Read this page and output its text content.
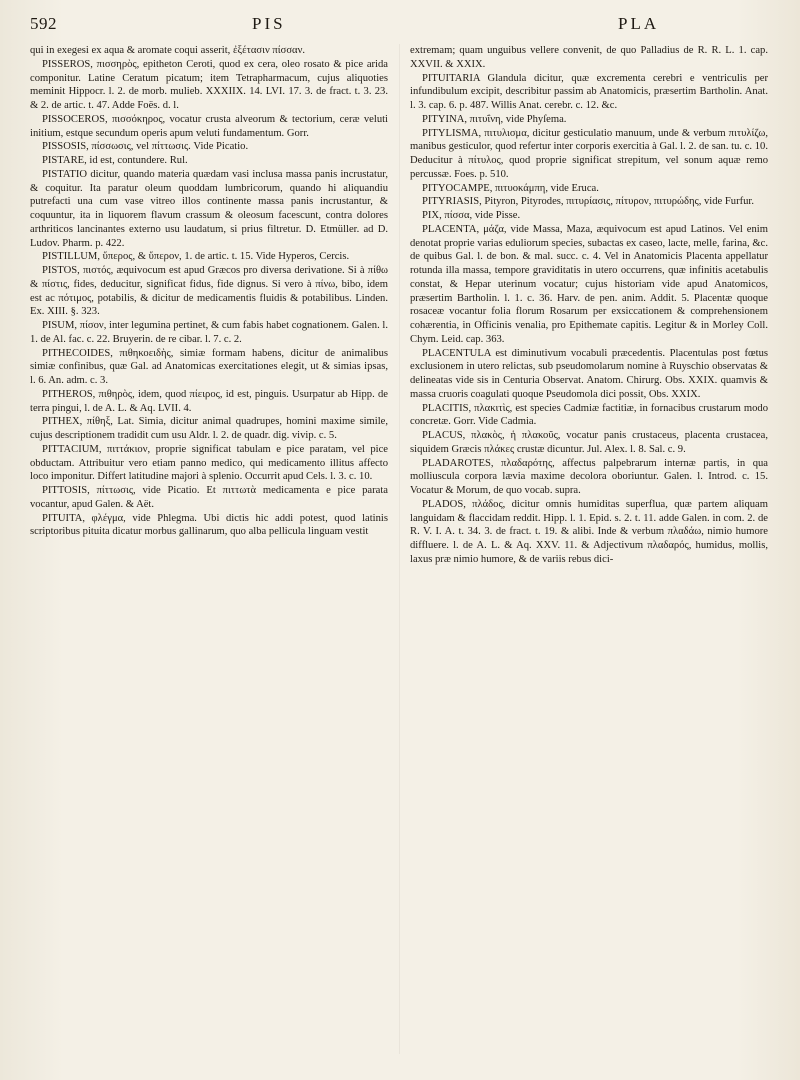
592	PIS	PLA

qui in exegesi ex aqua & aromate coqui asserit, ἐξέτασιν πίσσαν.

PISSEROS, πισσηρὸς, epitheton Ceroti, quod ex cera, oleo rosato & pice arida componitur. Latine Ceratum picatum; item Tetrapharmacum, cujus aliquoties meminit Hippocr. l. 2. de morb. mulieb. XXXIIX. 14. LVI. 17. 3. de fract. t. 3. 23. & 2. de artic. t. 47. Adde Foës. d. l.

PISSOCEROS, πισσόκηρος, vocatur crusta alveorum & tectorium, ceræ veluti initium, estque secundum operis apum veluti fundamentum. Gorr.

PISSOSIS, πίσσωσις, vel πίττωσις. Vide Picatio.

PISTARE, id est, contundere. Rul.

PISTATIO dicitur, quando materia quædam vasi inclusa massa panis incrustatur, & coquitur. Ita paratur oleum quoddam lumbricorum, quando hi aliquandiu putrefacti una cum vase vitreo illos continente massa panis incrustantur, & coquuntur, ita in liquorem flavum crassum & oleosum facescunt, contra dolores arthriticos lancinantes externo usu laudatum, si prius filtretur. D. Etmüller. ad D. Ludov. Pharm. p. 422.

PISTILLUM, ὕπερος, & ὕπερον, 1. de artic. t. 15. Vide Hyperos, Cercis.

PISTOS, πιστός, æquivocum est apud Græcos pro diversa derivatione. Si à πίθω & πίστις, fides, deducitur, significat fidus, fide dignus. Si vero à πίνω, bibo, idem est ac πότιμος, potabilis, & dicitur de medicamentis fluidis & potabilibus. Linden. Ex. XIII. §. 323.

PISUM, πίσον, inter legumina pertinet, & cum fabis habet cognationem. Galen. l. 1. de Al. fac. c. 22. Bruyerin. de re cibar. l. 7. c. 2.

PITHECOIDES, πιθηκοειδὴς, simiæ formam habens, dicitur de animalibus simiæ confinibus, quæ Gal. ad Anatomicas exercitationes elegit, ut & simias ipsas, l. 6. An. adm. c. 3.

PITHEROS, πιθηρὸς, idem, quod πίειρος, id est, pinguis. Usurpatur ab Hipp. de terra pingui, l. de A. L. & Aq. LVII. 4.

PITHEX, πίθηξ, Lat. Simia, dicitur animal quadrupes, homini maxime simile, cujus descriptionem tradidit cum usu Aldr. l. 2. de quadr. dig. vivip. c. 5.

PITTACIUM, πιττάκιον, proprie significat tabulam e pice paratam, vel pice obductam. Attribuitur vero etiam panno medico, qui medicamento illitus affecto loco imponitur. Differt latitudine majori à splenio. Occurrit apud Cels. l. 3. c. 10.

PITTOSIS, πίττωσις, vide Picatio. Et πιττωτὰ medicamenta e pice parata vocantur, apud Galen. & Aët.

PITUITA, φλέγμα, vide Phlegma. Ubi dictis hic addi potest, quod latinis scriptoribus pituita dicatur morbus gallinarum, quo alba pellicula linguam vestit

extremam; quam unguibus vellere convenit, de quo Palladius de R. R. L. 1. cap. XXVII. & XXIX.

PITUITARIA Glandula dicitur, quæ excrementa cerebri e ventriculis per infundibulum excipit, describitur passim ab Anatomicis, præsertim Bartholin. Anat. l. 3. cap. 6. p. 487. Willis Anat. cerebr. c. 12. &c.

PITYINA, πιτυΐνη, vide Phyſema.

PITYLISMA, πιτυλισμα, dicitur gesticulatio manuum, unde & verbum πιτυλίζω, manibus gesticulor, quod refertur inter corporis exercitia à Gal. l. 2. de san. tu. c. 10. Deducitur à πίτυλος, quod proprie significat strepitum, vel sonum aquæ remo percussæ. Foes. p. 510.

PITYOCAMPE, πιτυοκάμπη, vide Eruca.

PITYRIASIS, Pityron, Pityrodes, πιτυρίασις, πίτυρον, πιτυρώδης, vide Furfur.

PIX, πίσσα, vide Pisse.

PLACENTA, μάζα, vide Massa, Maza, æquivocum est apud Latinos. Vel enim denotat proprie varias eduliorum species, subactas ex caseo, lacte, melle, farina, &c. de quibus Gal. l. de bon. & mal. succ. c. 4. Vel in Anatomicis Placenta appellatur rotunda illa massa, tempore graviditatis in utero occurrens, quæ infinitis acetabulis constat, & Hepar uterinum vocatur; cujus historiam vide apud Anatomicos, præsertim Bartholin. l. 1. c. 36. Harv. de pen. anim. Addit. 5. Placentæ quoque rosaceæ vocantur folia florum Rosarum per exsiccationem & comprehensionem cohærentia, in Officinis venalia, pro Epithemate capitis. Legitur & in Morley Coll. Chym. Leid. cap. 363.

PLACENTULA est diminutivum vocabuli præcedentis. Placentulas post fœtus exclusionem in utero relictas, sub pseudomolarum nomine à Ruyschio observatas & delineatas vide sis in Centuria Observat. Anatom. Chirurg. Obs. XXIX. quamvis & massa cruoris coagulati quoque Pseudomola dici possit, Obs. XXIX.

PLACITIS, πλακιτὶς, est species Cadmiæ factitiæ, in fornacibus crustarum modo concretæ. Gorr. Vide Cadmia.

PLACUS, πλακὸς, ἡ πλακοῦς, vocatur panis crustaceus, placenta crustacea, siquidem Græcis πλάκες crustæ dicuntur. Jul. Alex. l. 8. Sal. c. 9.

PLADAROTES, πλαδαρότης, affectus palpebrarum internæ partis, in qua molliuscula corpora lævia maxime decolora oboriuntur. Galen. l. Introd. c. 15. Vocatur & Morum, de quo vocab. supra.

PLADOS, πλάδος, dicitur omnis humiditas superflua, quæ partem aliquam languidam & flaccidam reddit. Hipp. l. 1. Epid. s. 2. t. 11. adde Galen. in com. 2. de R. V. I. A. t. 34. 3. de fract. t. 19. & alibi. Inde & verbum πλαδάω, nimio humore diffluere. l. de A. L. & Aq. XXV. 11. & Adjectivum πλαδαρός, humidus, mollis, laxus præ nimio humore, & de variis rebus dici-
